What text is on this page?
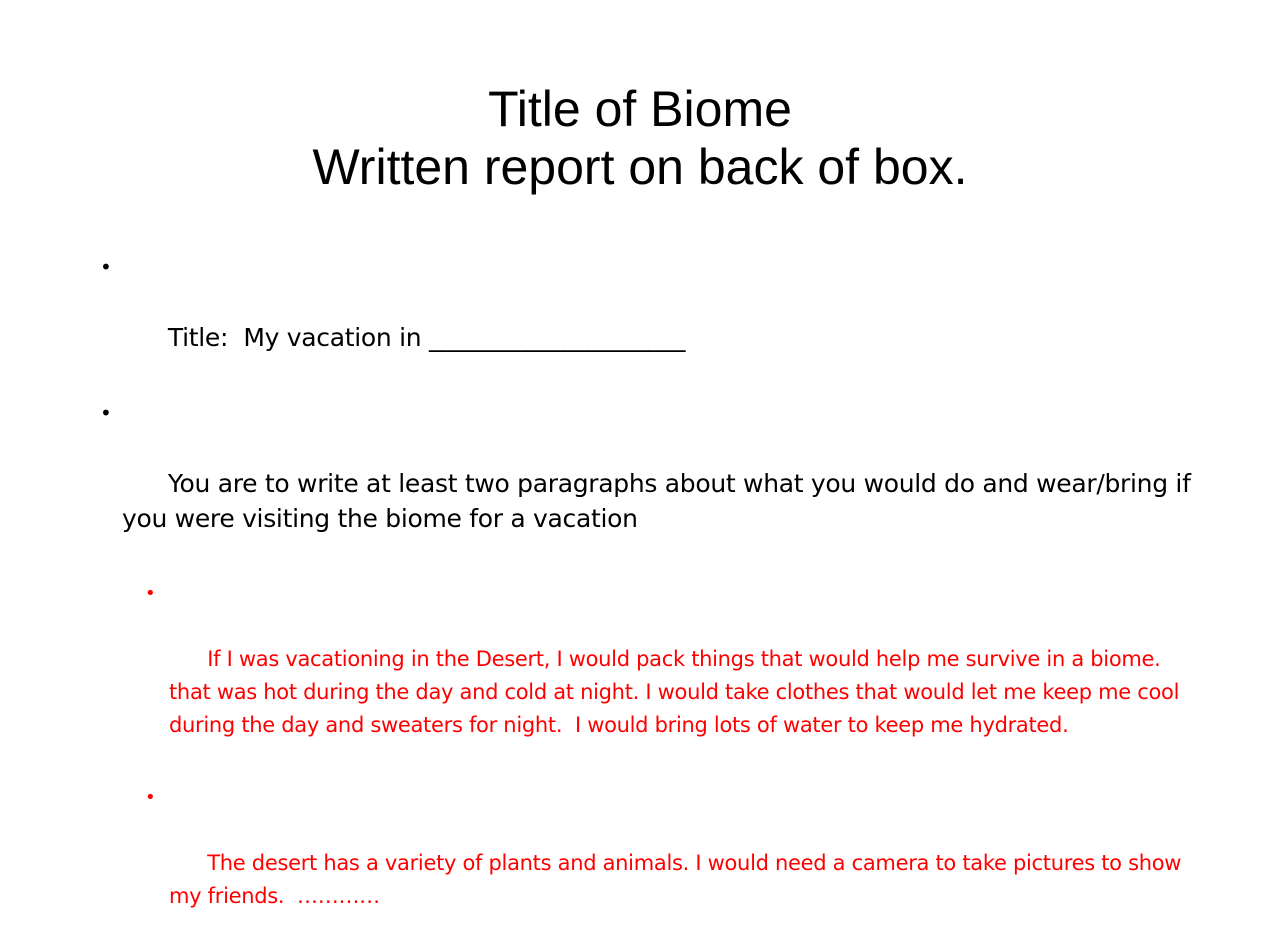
Title of Biome
Written report on back of box.

•

Title:  My vacation in _____________________

•

You are to write at least two paragraphs about what you would do and wear/bring if you were visiting the biome for a vacation

•

If I was vacationing in the Desert, I would pack things that would help me survive in a biome.   that was hot during the day and cold at night. I would take clothes that would let me keep me cool during the day and sweaters for night.  I would bring lots of water to keep me hydrated.

•

The desert has a variety of plants and animals. I would need a camera to take pictures to show my friends.  …………
